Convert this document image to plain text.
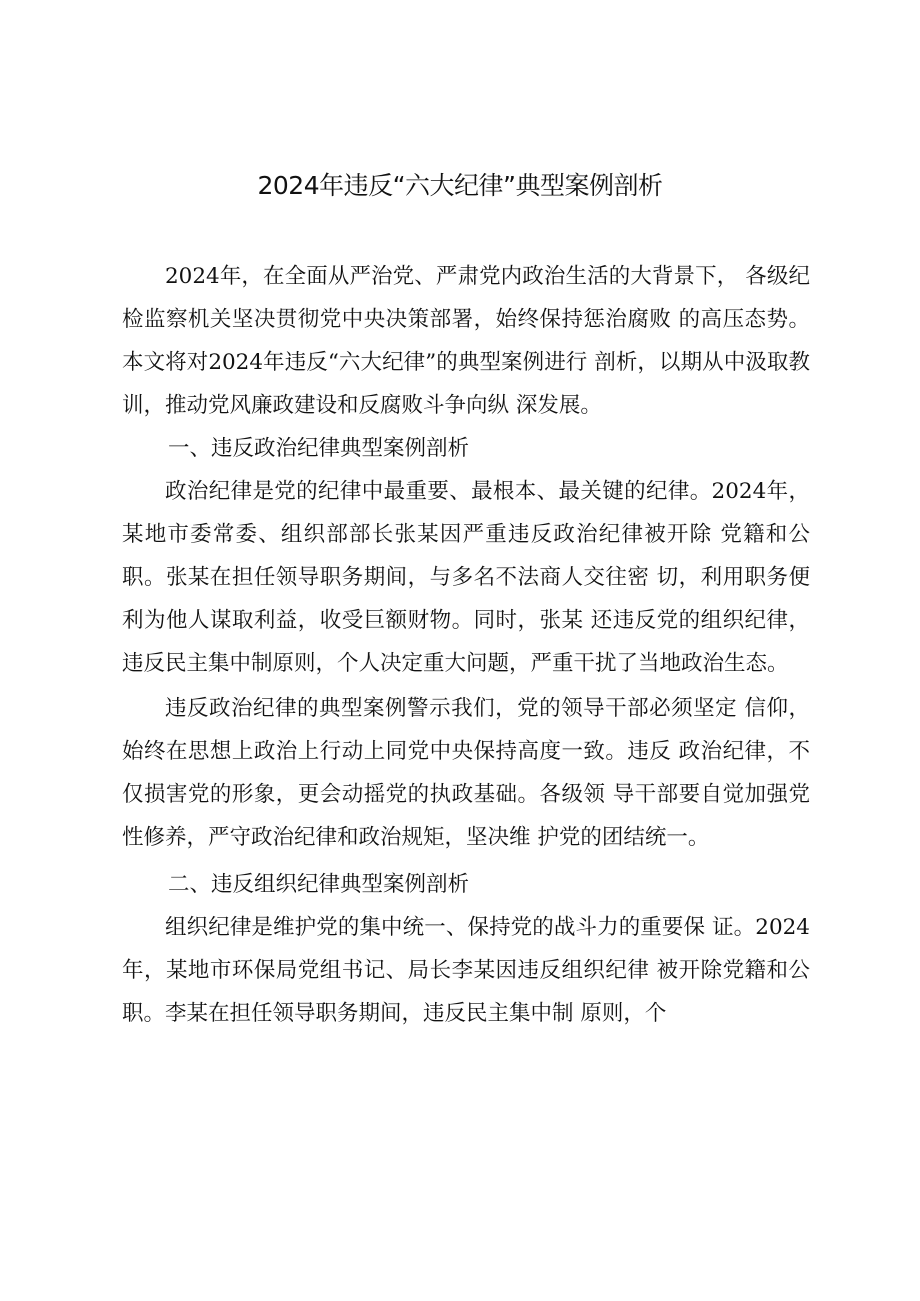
2024年违反“六大纪律”典型案例剖析

2024年，在全面从严治党、严肃党内政治生活的大背景下， 各级纪检监察机关坚决贯彻党中央决策部署，始终保持惩治腐败 的高压态势。本文将对2024年违反“六大纪律”的典型案例进行 剖析，以期从中汲取教训，推动党风廉政建设和反腐败斗争向纵 深发展。

一、违反政治纪律典型案例剖析

政治纪律是党的纪律中最重要、最根本、最关键的纪律。2024年，某地市委常委、组织部部长张某因严重违反政治纪律被开除 党籍和公职。张某在担任领导职务期间，与多名不法商人交往密 切，利用职务便利为他人谋取利益，收受巨额财物。同时，张某 还违反党的组织纪律，违反民主集中制原则，个人决定重大问题，严重干扰了当地政治生态。

违反政治纪律的典型案例警示我们，党的领导干部必须坚定 信仰，始终在思想上政治上行动上同党中央保持高度一致。违反 政治纪律，不仅损害党的形象，更会动摇党的执政基础。各级领 导干部要自觉加强党性修养，严守政治纪律和政治规矩，坚决维 护党的团结统一。

二、违反组织纪律典型案例剖析

组织纪律是维护党的集中统一、保持党的战斗力的重要保 证。2024年，某地市环保局党组书记、局长李某因违反组织纪律 被开除党籍和公职。李某在担任领导职务期间，违反民主集中制 原则，个
